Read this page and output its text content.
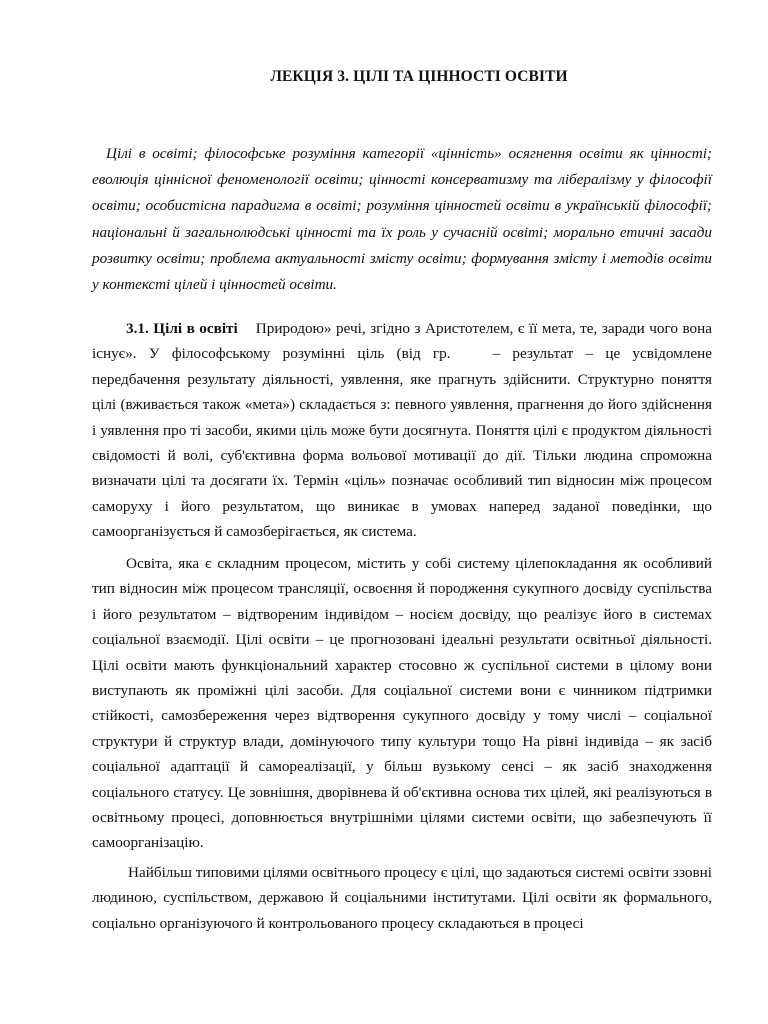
ЛЕКЦІЯ 3. ЦІЛІ ТА ЦІННОСТІ ОСВІТИ
Цілі в освіті; філософське розуміння категорії «цінність» осягнення освіти як цінності; еволюція ціннісної феноменології освіти; цінності консерватизму та лібералізму у філософії освіти; особистісна парадигма в освіті; розуміння цінностей освіти в українській філософії; національні й загальнолюдські цінності та їх роль у сучасній освіті; морально етичні засади розвитку освіти; проблема актуальності змісту освіти; формування змісту і методів освіти у контексті цілей і цінностей освіти.
3.1. Цілі в освіті Природою» речі, згідно з Аристотелем, є її мета, те, заради чого вона існує». У філософському розумінні ціль (від гр.	– результат – це усвідомлене передбачення результату діяльності, уявлення, яке прагнуть здійснити. Структурно поняття цілі (вживається також «мета») складається з: певного уявлення, прагнення до його здійснення і уявлення про ті засоби, якими ціль може бути досягнута. Поняття цілі є продуктом діяльності свідомості й волі, суб'єктивна форма вольової мотивації до дії. Тільки людина спроможна визначати цілі та досягати їх. Термін «ціль» позначає особливий тип відносин між процесом саморуху і його результатом, що виникає в умовах наперед заданої поведінки, що самоорганізується й самозберігається, як система.
Освіта, яка є складним процесом, містить у собі систему цілепокладання як особливий тип відносин між процесом трансляції, освоєння й породження сукупного досвіду суспільства і його результатом – відтвореним індивідом – носієм досвіду, що реалізує його в системах соціальної взаємодії. Цілі освіти – це прогнозовані ідеальні результати освітньої діяльності. Цілі освіти мають функціональний характер стосовно ж суспільної системи в цілому вони виступають як проміжні цілі засоби. Для соціальної системи вони є чинником підтримки стійкості, самозбереження через відтворення сукупного досвіду у тому числі – соціальної структури й структур влади, домінуючого типу культури тощо На рівні індивіда – як засіб соціальної адаптації й самореалізації, у більш вузькому сенсі – як засіб знаходження соціального статусу. Це зовнішня, дворівнева й об'єктивна основа тих цілей, які реалізуються в освітньому процесі, доповнюється внутрішніми цілями системи освіти, що забезпечують її самоорганізацію.
Найбільш типовими цілями освітнього процесу є цілі, що задаються системі освіти ззовні людиною, суспільством, державою й соціальними інститутами. Цілі освіти як формального, соціально організуючого й контрольованого процесу складаються в процесі
